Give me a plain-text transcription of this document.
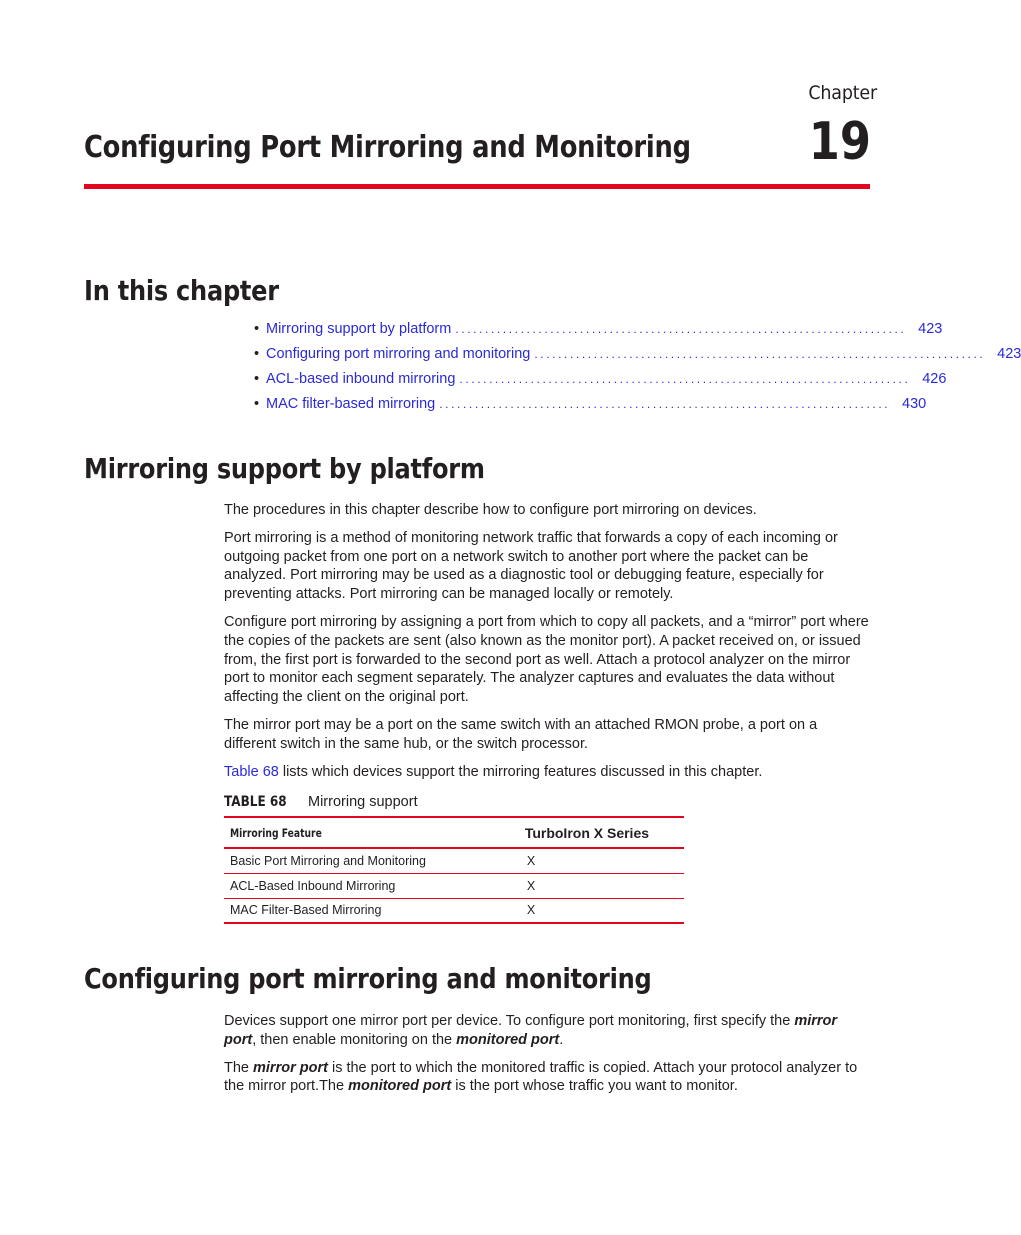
Chapter
19
Configuring Port Mirroring and Monitoring
In this chapter
• Mirroring support by platform ............................................................................ 423
• Configuring port mirroring and monitoring ............................................................................ 423
• ACL-based inbound mirroring ............................................................................ 426
• MAC filter-based mirroring ............................................................................ 430
Mirroring support by platform

The procedures in this chapter describe how to configure port mirroring on devices.

Port mirroring is a method of monitoring network traffic that forwards a copy of each incoming or outgoing packet from one port on a network switch to another port where the packet can be analyzed. Port mirroring may be used as a diagnostic tool or debugging feature, especially for preventing attacks. Port mirroring can be managed locally or remotely.

Configure port mirroring by assigning a port from which to copy all packets, and a “mirror” port where the copies of the packets are sent (also known as the monitor port). A packet received on, or issued from, the first port is forwarded to the second port as well. Attach a protocol analyzer on the mirror port to monitor each segment separately. The analyzer captures and evaluates the data without affecting the client on the original port.

The mirror port may be a port on the same switch with an attached RMON probe, a port on a different switch in the same hub, or the switch processor.

Table 68 lists which devices support the mirroring features discussed in this chapter.

TABLE 68 Mirroring support
Mirroring Feature	TurboIron X Series
Basic Port Mirroring and Monitoring	X
ACL-Based Inbound Mirroring	X
MAC Filter-Based Mirroring	X
Configuring port mirroring and monitoring

Devices support one mirror port per device. To configure port monitoring, first specify the mirror port, then enable monitoring on the monitored port.

The mirror port is the port to which the monitored traffic is copied. Attach your protocol analyzer to the mirror port.The monitored port is the port whose traffic you want to monitor.
